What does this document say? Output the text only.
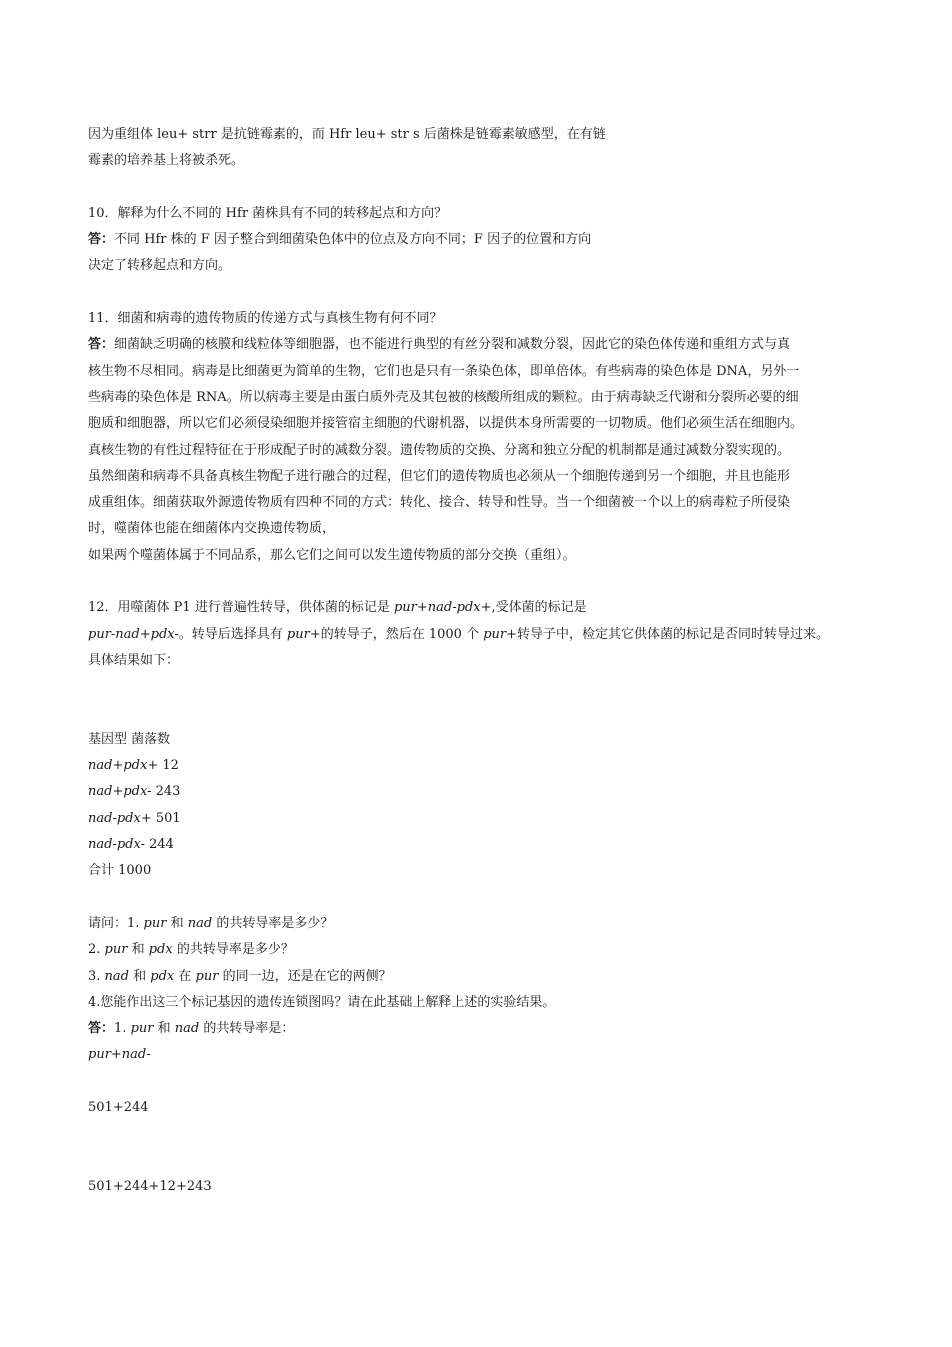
因为重组体 leu+ strr 是抗链霉素的，而 Hfr leu+ str s 后菌株是链霉素敏感型，在有链
霉素的培养基上将被杀死。
10．解释为什么不同的 Hfr 菌株具有不同的转移起点和方向？
答：不同 Hfr 株的 F 因子整合到细菌染色体中的位点及方向不同；F 因子的位置和方向
决定了转移起点和方向。
11．细菌和病毒的遗传物质的传递方式与真核生物有何不同？
答：细菌缺乏明确的核膜和线粒体等细胞器，也不能进行典型的有丝分裂和减数分裂，因此它的染色体传递和重组方式与真
核生物不尽相同。病毒是比细菌更为简单的生物，它们也是只有一条染色体，即单倍体。有些病毒的染色体是 DNA，另外一
些病毒的染色体是 RNA。所以病毒主要是由蛋白质外壳及其包被的核酸所组成的颗粒。由于病毒缺乏代谢和分裂所必要的细
胞质和细胞器，所以它们必须侵染细胞并接管宿主细胞的代谢机器，以提供本身所需要的一切物质。他们必须生活在细胞内。
真核生物的有性过程特征在于形成配子时的减数分裂。遗传物质的交换、分离和独立分配的机制都是通过减数分裂实现的。
虽然细菌和病毒不具备真核生物配子进行融合的过程，但它们的遗传物质也必须从一个细胞传递到另一个细胞，并且也能形
成重组体。细菌获取外源遗传物质有四种不同的方式：转化、接合、转导和性导。当一个细菌被一个以上的病毒粒子所侵染
时，噬菌体也能在细菌体内交换遗传物质，
如果两个噬菌体属于不同品系，那么它们之间可以发生遗传物质的部分交换（重组）。
12．用噬菌体 P1 进行普遍性转导，供体菌的标记是 pur+nad-pdx+,受体菌的标记是
pur-nad+pdx-。转导后选择具有 pur+的转导子，然后在 1000 个 pur+转导子中，检定其它供体菌的标记是否同时转导过来。
具体结果如下：
基因型 菌落数
nad+pdx+ 12
nad+pdx- 243
nad-pdx+ 501
nad-pdx- 244
合计 1000
请问：1. pur 和 nad 的共转导率是多少？
2. pur 和 pdx 的共转导率是多少？
3. nad 和 pdx 在 pur 的同一边，还是在它的两侧？
4.您能作出这三个标记基因的遗传连锁图吗？请在此基础上解释上述的实验结果。
答：1. pur 和 nad 的共转导率是：
pur+nad-
501+244
501+244+12+243
